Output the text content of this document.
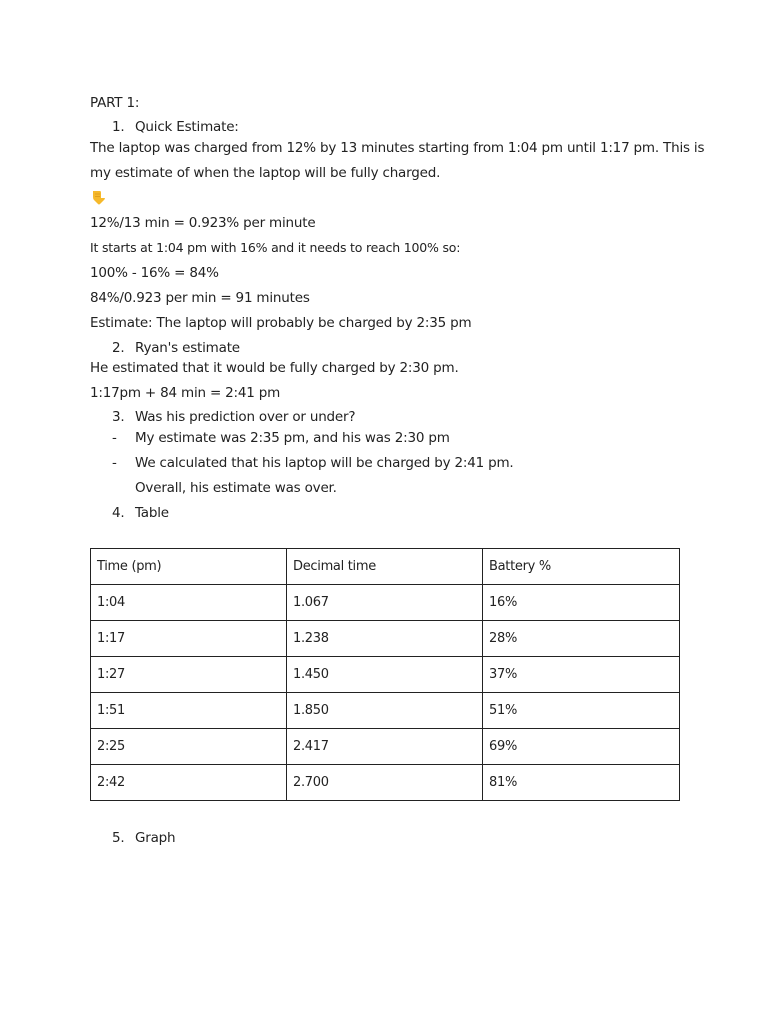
PART 1:
1. Quick Estimate:
The laptop was charged from 12% by 13 minutes starting from 1:04 pm until 1:17 pm. This is
my estimate of when the laptop will be fully charged.
12%/13 min = 0.923% per minute
It starts at 1:04 pm with 16% and it needs to reach 100% so:
100% - 16% = 84%
84%/0.923 per min = 91 minutes
Estimate: The laptop will probably be charged by 2:35 pm
2. Ryan's estimate
He estimated that it would be fully charged by 2:30 pm.
1:17pm + 84 min = 2:41 pm
3. Was his prediction over or under?
- My estimate was 2:35 pm, and his was 2:30 pm
- We calculated that his laptop will be charged by 2:41 pm.
Overall, his estimate was over.
4. Table
Time (pm)	Decimal time	Battery %
1:04	1.067	16%
1:17	1.238	28%
1:27	1.450	37%
1:51	1.850	51%
2:25	2.417	69%
2:42	2.700	81%
5. Graph
